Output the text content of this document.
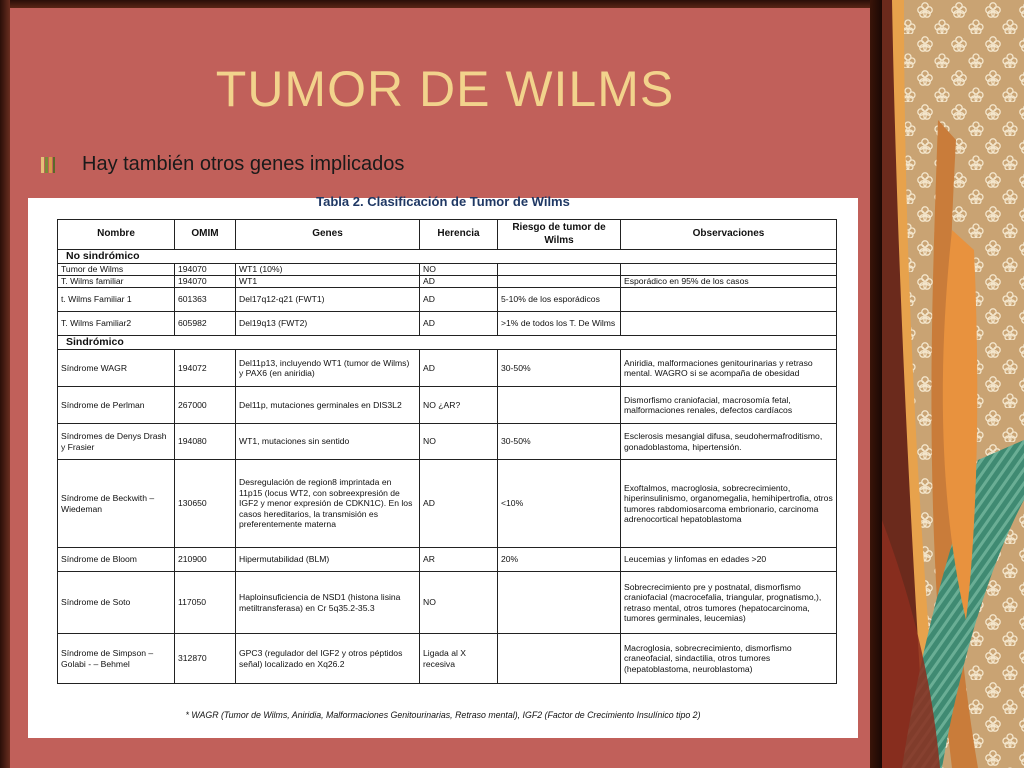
TUMOR DE WILMS
Hay también otros genes implicados
Tabla 2. Clasificación de Tumor de Wilms
Nombre	OMIM	Genes	Herencia	Riesgo de tumor de Wilms	Observaciones
No sindrómico					
Tumor de Wilms	194070	WT1 (10%)	NO		
T. Wilms familiar	194070	WT1	AD		Esporádico en 95% de los casos
t. Wilms Familiar 1	601363	Del17q12-q21 (FWT1)	AD	5-10% de los esporádicos	
T. Wilms Familiar2	605982	Del19q13 (FWT2)	AD	>1% de todos los T. De Wilms	
Sindrómico					
Síndrome WAGR	194072	Del11p13, incluyendo WT1 (tumor de Wilms) y PAX6 (en aniridia)	AD	30-50%	Aniridia, malformaciones genitourinarias y retraso mental. WAGRO si se acompaña de obesidad
Síndrome de Perlman	267000	Del11p, mutaciones germinales en DIS3L2	NO ¿AR?		Dismorfismo craniofacial, macrosomía fetal, malformaciones renales, defectos cardíacos
Síndromes de Denys Drash y Frasier	194080	WT1, mutaciones sin sentido	NO	30-50%	Esclerosis mesangial difusa, seudohermafroditismo, gonadoblastoma, hipertensión.
Síndrome de Beckwith – Wiedeman	130650	Desregulación de region8 imprintada en 11p15 (locus WT2, con sobreexpresión de IGF2 y menor expresión de CDKN1C). En los casos hereditarios, la transmisión es preferentemente materna	AD	<10%	Exoftalmos, macroglosia, sobrecrecimiento, hiperinsulinismo, organomegalia, hemihipertrofia, otros tumores rabdomiosarcoma embrionario, carcinoma adrenocortical hepatoblastoma
Síndrome de Bloom	210900	Hipermutabilidad (BLM)	AR	20%	Leucemias y linfomas en edades >20
Síndrome de Soto	117050	Haploinsuficiencia de NSD1 (histona lisina metiltransferasa) en Cr 5q35.2-35.3	NO		Sobrecrecimiento pre y postnatal, dismorfismo craniofacial (macrocefalia, triangular, prognatismo,), retraso mental, otros tumores (hepatocarcinoma, tumores germinales, leucemias)
Síndrome de Simpson – Golabi - – Behmel	312870	GPC3 (regulador del IGF2 y otros péptidos señal) localizado en Xq26.2	Ligada al X recesiva		Macroglosia, sobrecrecimiento, dismorfismo craneofacial, sindactilia, otros tumores (hepatoblastoma, neuroblastoma)
* WAGR (Tumor de Wilms, Aniridia, Malformaciones Genitourinarias, Retraso mental), IGF2 (Factor de Crecimiento Insulínico tipo 2)
